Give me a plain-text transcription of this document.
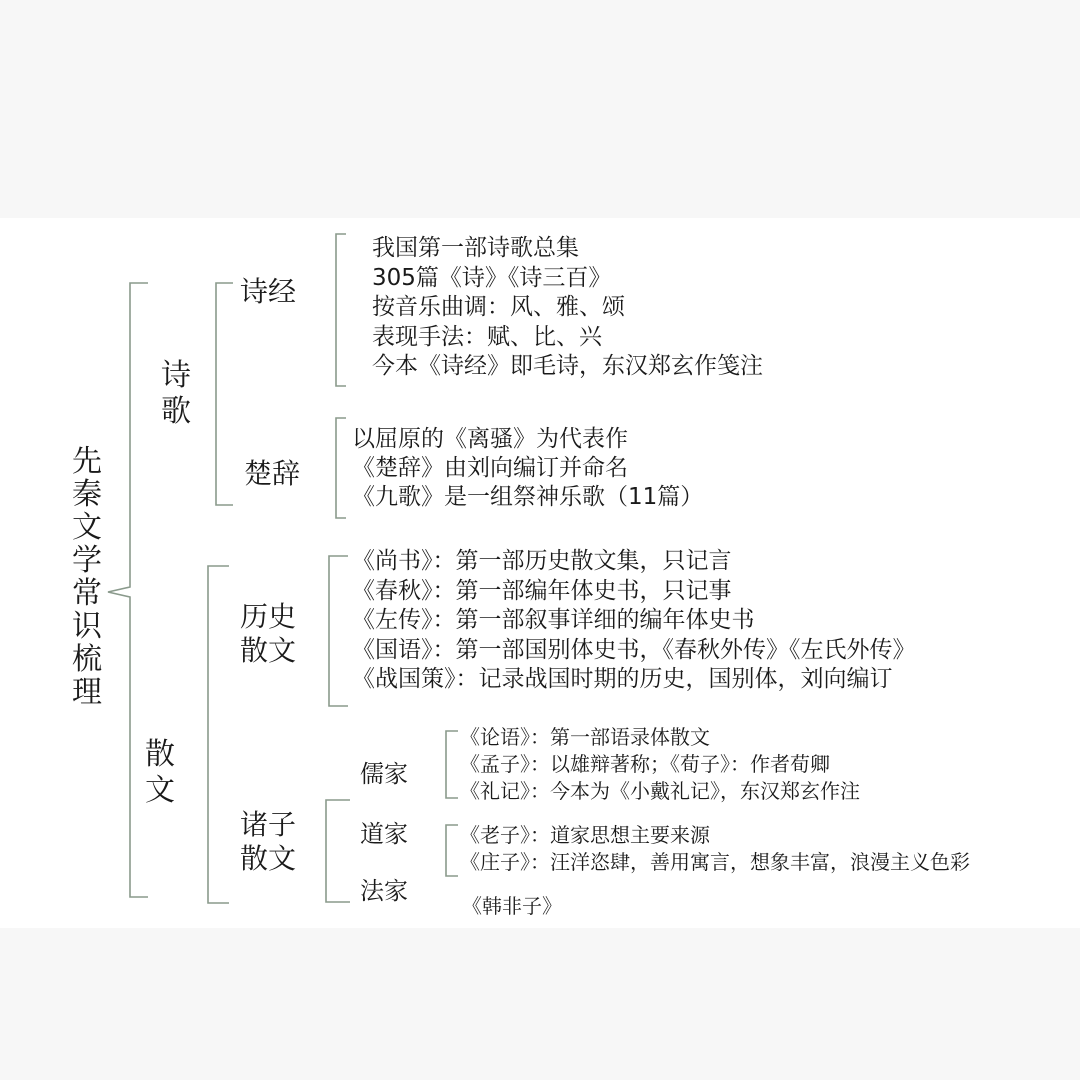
先秦文学常识梳理
诗歌
散文
诗经
我国第一部诗歌总集
305篇《诗》《诗三百》
按音乐曲调：风、雅、颂
表现手法：赋、比、兴
今本《诗经》即毛诗，东汉郑玄作笺注
楚辞
以屈原的《离骚》为代表作
《楚辞》由刘向编订并命名
《九歌》是一组祭神乐歌（11篇）
历史
散文
《尚书》：第一部历史散文集，只记言
《春秋》：第一部编年体史书，只记事
《左传》：第一部叙事详细的编年体史书
《国语》：第一部国别体史书，《春秋外传》《左氏外传》
《战国策》：记录战国时期的历史，国别体，刘向编订
诸子
散文
儒家
《论语》：第一部语录体散文
《孟子》：以雄辩著称；《荀子》：作者荀卿
《礼记》：今本为《小戴礼记》，东汉郑玄作注
道家	《老子》：道家思想主要来源
《庄子》：汪洋恣肆，善用寓言，想象丰富，浪漫主义色彩
法家
《韩非子》
